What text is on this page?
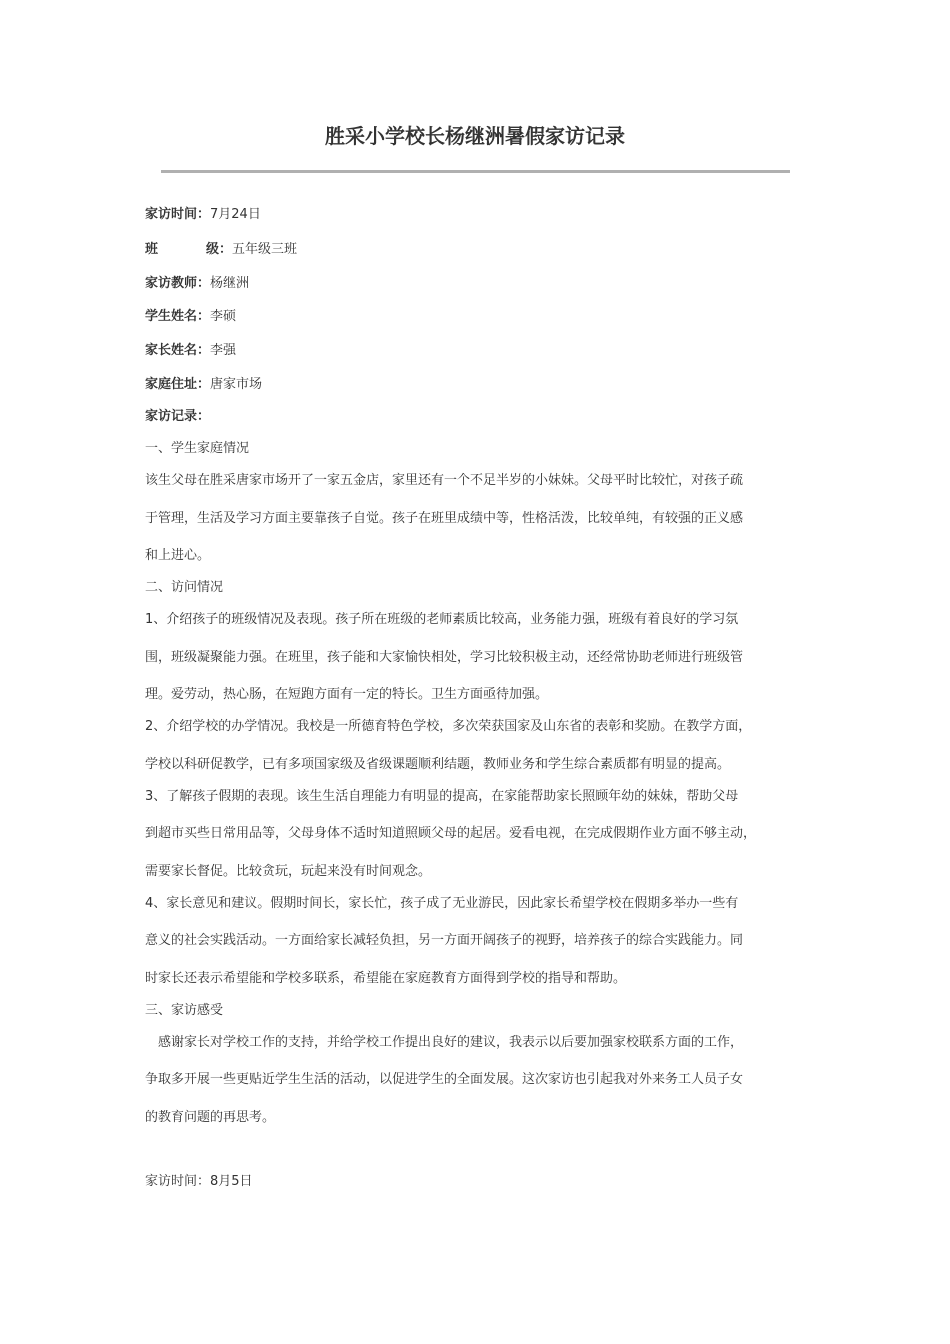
胜采小学校长杨继洲暑假家访记录
家访时间：7月24日
班	级：五年级三班
家访教师：杨继洲
学生姓名：李硕
家长姓名：李强
家庭住址：唐家市场
家访记录：
一、学生家庭情况
该生父母在胜采唐家市场开了一家五金店，家里还有一个不足半岁的小妹妹。父母平时比较忙，对孩子疏
于管理，生活及学习方面主要靠孩子自觉。孩子在班里成绩中等，性格活泼，比较单纯，有较强的正义感
和上进心。
二、访问情况
1、介绍孩子的班级情况及表现。孩子所在班级的老师素质比较高，业务能力强，班级有着良好的学习氛
围，班级凝聚能力强。在班里，孩子能和大家愉快相处，学习比较积极主动，还经常协助老师进行班级管
理。爱劳动，热心肠，在短跑方面有一定的特长。卫生方面亟待加强。
2、介绍学校的办学情况。我校是一所德育特色学校，多次荣获国家及山东省的表彰和奖励。在教学方面，
学校以科研促教学，已有多项国家级及省级课题顺利结题，教师业务和学生综合素质都有明显的提高。
3、了解孩子假期的表现。该生生活自理能力有明显的提高，在家能帮助家长照顾年幼的妹妹，帮助父母
到超市买些日常用品等，父母身体不适时知道照顾父母的起居。爱看电视，在完成假期作业方面不够主动，
需要家长督促。比较贪玩，玩起来没有时间观念。
4、家长意见和建议。假期时间长，家长忙，孩子成了无业游民，因此家长希望学校在假期多举办一些有
意义的社会实践活动。一方面给家长减轻负担，另一方面开阔孩子的视野，培养孩子的综合实践能力。同
时家长还表示希望能和学校多联系，希望能在家庭教育方面得到学校的指导和帮助。
三、家访感受
　感谢家长对学校工作的支持，并给学校工作提出良好的建议，我表示以后要加强家校联系方面的工作，
争取多开展一些更贴近学生生活的活动，以促进学生的全面发展。这次家访也引起我对外来务工人员子女
的教育问题的再思考。
家访时间：8月5日
